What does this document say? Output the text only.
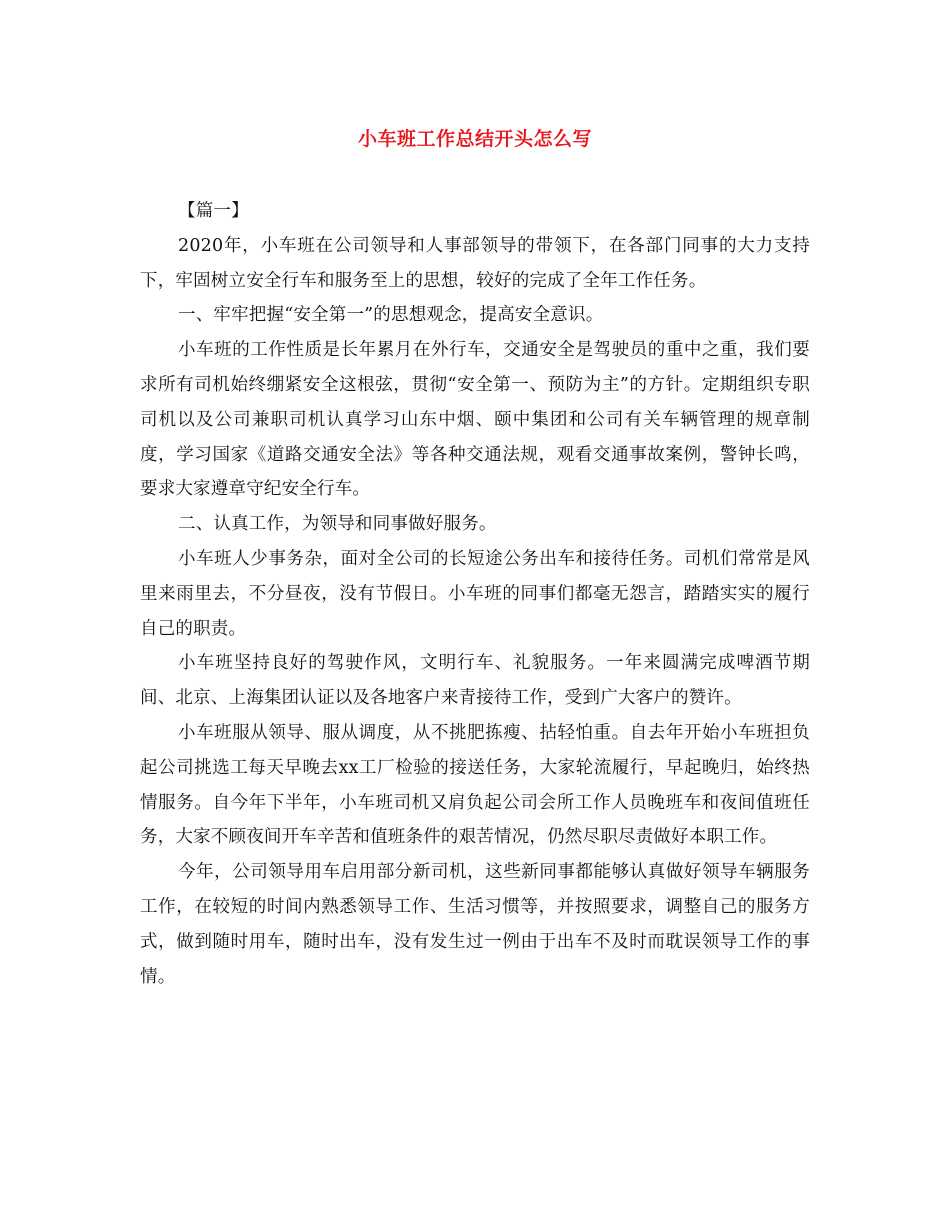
小车班工作总结开头怎么写

【篇一】

2020年，小车班在公司领导和人事部领导的带领下，在各部门同事的大力支持下，牢固树立安全行车和服务至上的思想，较好的完成了全年工作任务。

一、牢牢把握“安全第一”的思想观念，提高安全意识。

小车班的工作性质是长年累月在外行车，交通安全是驾驶员的重中之重，我们要求所有司机始终绷紧安全这根弦，贯彻“安全第一、预防为主”的方针。定期组织专职司机以及公司兼职司机认真学习山东中烟、颐中集团和公司有关车辆管理的规章制度，学习国家《道路交通安全法》等各种交通法规，观看交通事故案例，警钟长鸣，要求大家遵章守纪安全行车。

二、认真工作，为领导和同事做好服务。

小车班人少事务杂，面对全公司的长短途公务出车和接待任务。司机们常常是风里来雨里去，不分昼夜，没有节假日。小车班的同事们都毫无怨言，踏踏实实的履行自己的职责。

小车班坚持良好的驾驶作风，文明行车、礼貌服务。一年来圆满完成啤酒节期间、北京、上海集团认证以及各地客户来青接待工作，受到广大客户的赞许。

小车班服从领导、服从调度，从不挑肥拣瘦、拈轻怕重。自去年开始小车班担负起公司挑选工每天早晚去xx工厂检验的接送任务，大家轮流履行，早起晚归，始终热情服务。自今年下半年，小车班司机又肩负起公司会所工作人员晚班车和夜间值班任务，大家不顾夜间开车辛苦和值班条件的艰苦情况，仍然尽职尽责做好本职工作。

今年，公司领导用车启用部分新司机，这些新同事都能够认真做好领导车辆服务工作，在较短的时间内熟悉领导工作、生活习惯等，并按照要求，调整自己的服务方式，做到随时用车，随时出车，没有发生过一例由于出车不及时而耽误领导工作的事情。
